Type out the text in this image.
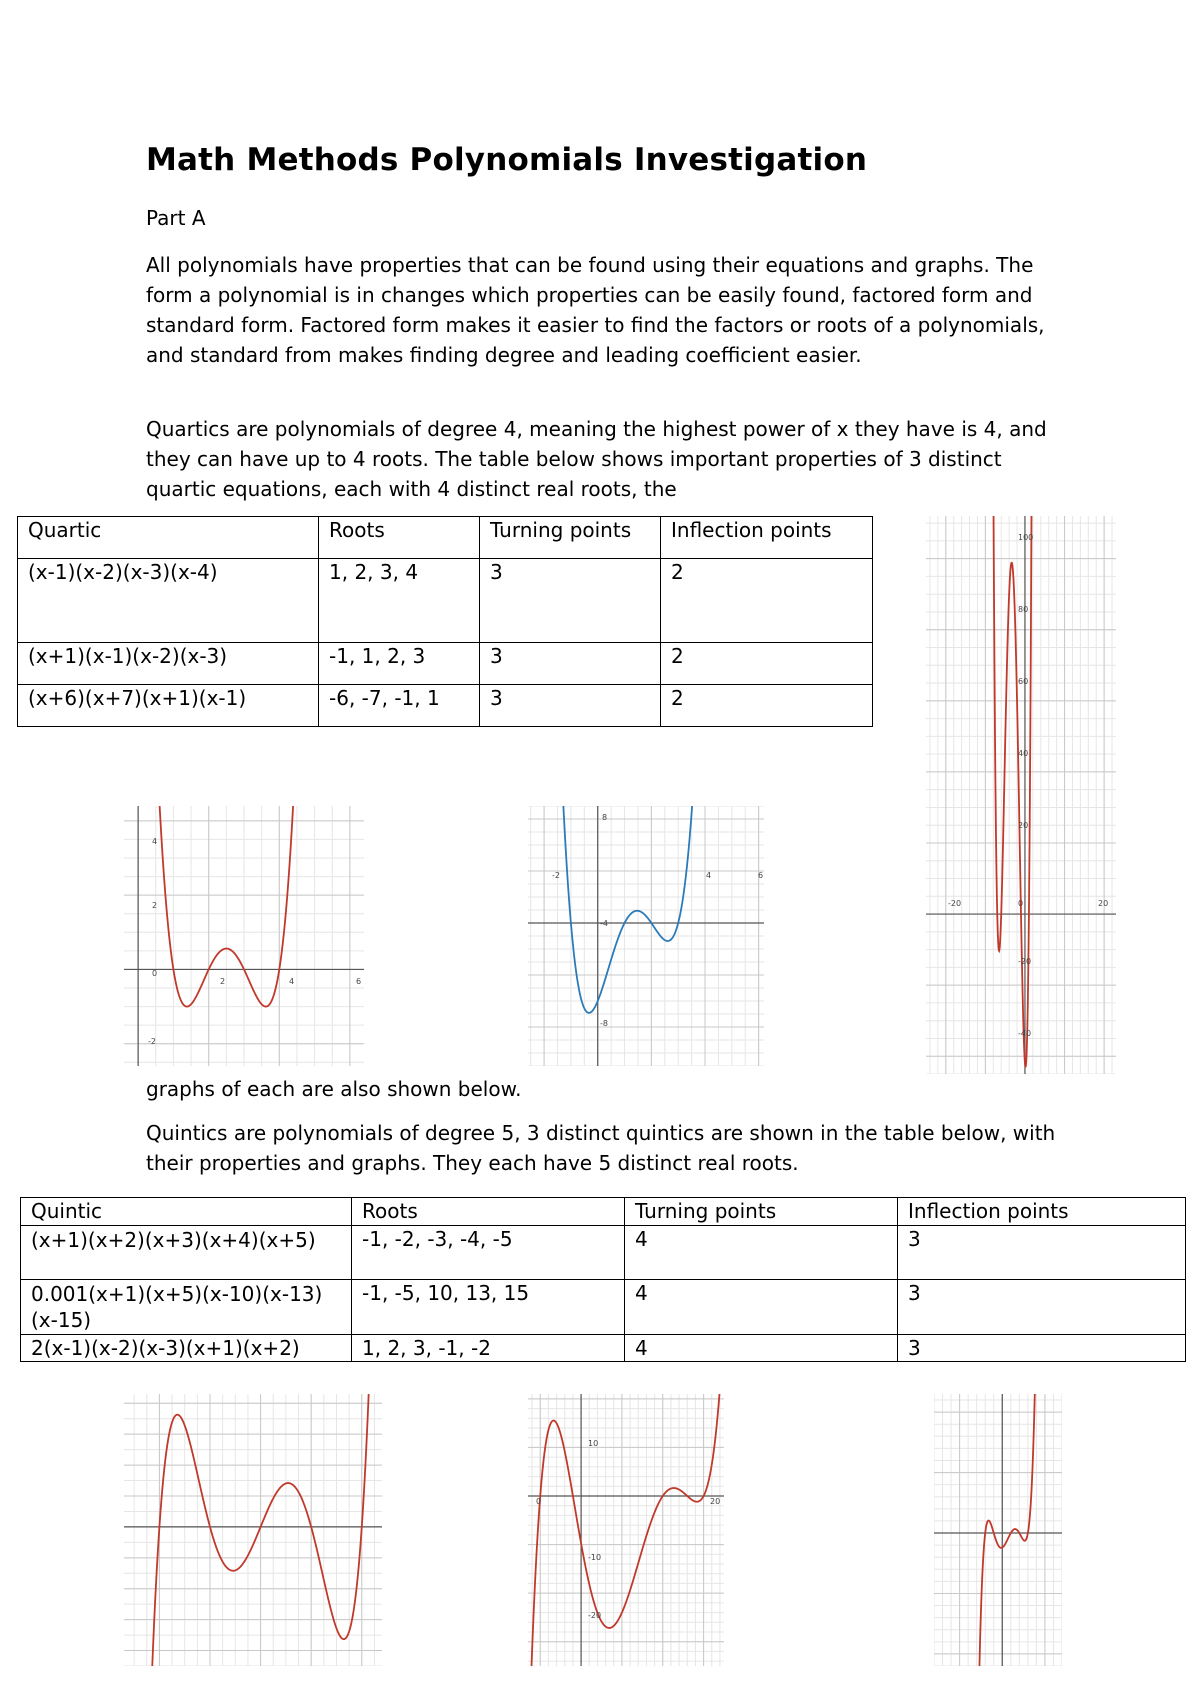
Math Methods Polynomials Investigation
Part A

All polynomials have properties that can be found using their equations and graphs. The form a polynomial is in changes which properties can be easily found, factored form and standard form. Factored form makes it easier to find the factors or roots of a polynomials, and standard from makes finding degree and leading coefficient easier.

Quartics are polynomials of degree 4, meaning the highest power of x they have is 4, and they can have up to 4 roots. The table below shows important properties of 3 distinct quartic equations, each with 4 distinct real roots, the

Quartic	Roots	Turning points	Inflection points
(x-1)(x-2)(x-3)(x-4)	1, 2, 3, 4	3	2
(x+1)(x-1)(x-2)(x-3)	-1, 1, 2, 3	3	2
(x+6)(x+7)(x+1)(x-1)	-6, -7, -1, 1	3	2
4
2
0
2	4	6
-2
8
-2	4	6
-4
-8
100
80
60
40
20
-20
-40
-20	0	20

graphs of each are also shown below.

Quintics are polynomials of degree 5, 3 distinct quintics are shown in the table below, with their properties and graphs. They each have 5 distinct real roots.

Quintic	Roots	Turning points	Inflection points
(x+1)(x+2)(x+3)(x+4)(x+5)	-1, -2, -3, -4, -5	4	3
0.001(x+1)(x+5)(x-10)(x-13)(x-15)	-1, -5, 10, 13, 15	4	3
2(x-1)(x-2)(x-3)(x+1)(x+2)	1, 2, 3, -1, -2	4	3
10
-10
-20
0	20
